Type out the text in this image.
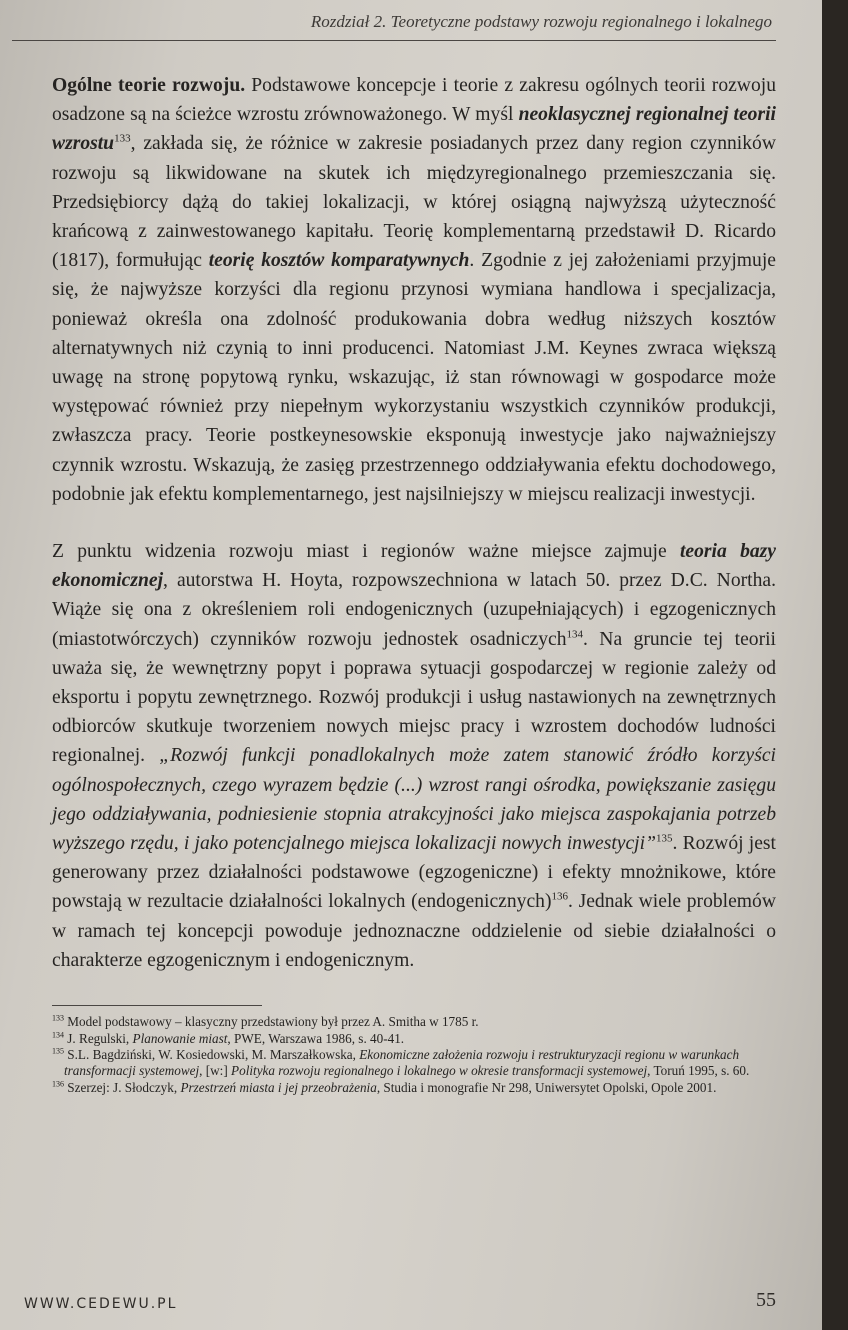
Rozdział 2. Teoretyczne podstawy rozwoju regionalnego i lokalnego

Ogólne teorie rozwoju. Podstawowe koncepcje i teorie z zakresu ogólnych teorii rozwoju osadzone są na ścieżce wzrostu zrównoważonego. W myśl neoklasycznej regionalnej teorii wzrostu$^{133}$, zakłada się, że różnice w zakresie posiadanych przez dany region czynników rozwoju są likwidowane na skutek ich międzyregionalnego przemieszczania się. Przedsiębiorcy dążą do takiej lokalizacji, w której osiągną najwyższą użyteczność krańcową z zainwestowanego kapitału. Teorię komplementarną przedstawił D. Ricardo (1817), formułując teorię kosztów komparatywnych. Zgodnie z jej założeniami przyjmuje się, że najwyższe korzyści dla regionu przynosi wymiana handlowa i specjalizacja, ponieważ określa ona zdolność produkowania dobra według niższych kosztów alternatywnych niż czynią to inni producenci. Natomiast J.M. Keynes zwraca większą uwagę na stronę popytową rynku, wskazując, iż stan równowagi w gospodarce może występować również przy niepełnym wykorzystaniu wszystkich czynników produkcji, zwłaszcza pracy. Teorie postkeynesowskie eksponują inwestycje jako najważniejszy czynnik wzrostu. Wskazują, że zasięg przestrzennego oddziaływania efektu dochodowego, podobnie jak efektu komplementarnego, jest najsilniejszy w miejscu realizacji inwestycji.

Z punktu widzenia rozwoju miast i regionów ważne miejsce zajmuje teoria bazy ekonomicznej, autorstwa H. Hoyta, rozpowszechniona w latach 50. przez D.C. Northa. Wiąże się ona z określeniem roli endogenicznych (uzupełniających) i egzogenicznych (miastotwórczych) czynników rozwoju jednostek osadniczych$^{134}$. Na gruncie tej teorii uważa się, że wewnętrzny popyt i poprawa sytuacji gospodarczej w regionie zależy od eksportu i popytu zewnętrznego. Rozwój produkcji i usług nastawionych na zewnętrznych odbiorców skutkuje tworzeniem nowych miejsc pracy i wzrostem dochodów ludności regionalnej. „Rozwój funkcji ponadlokalnych może zatem stanowić źródło korzyści ogólnospołecznych, czego wyrazem będzie (...) wzrost rangi ośrodka, powiększanie zasięgu jego oddziaływania, podniesienie stopnia atrakcyjności jako miejsca zaspokajania potrzeb wyższego rzędu, i jako potencjalnego miejsca lokalizacji nowych inwestycji”$^{135}$. Rozwój jest generowany przez działalności podstawowe (egzogeniczne) i efekty mnożnikowe, które powstają w rezultacie działalności lokalnych (endogenicznych)$^{136}$. Jednak wiele problemów w ramach tej koncepcji powoduje jednoznaczne oddzielenie od siebie działalności o charakterze egzogenicznym i endogenicznym.

$^{133}$ Model podstawowy – klasyczny przedstawiony był przez A. Smitha w 1785 r.
$^{134}$ J. Regulski, Planowanie miast, PWE, Warszawa 1986, s. 40-41.
$^{135}$ S.L. Bagdziński, W. Kosiedowski, M. Marszałkowska, Ekonomiczne założenia rozwoju i restrukturyzacji regionu w warunkach transformacji systemowej, [w:] Polityka rozwoju regionalnego i lokalnego w okresie transformacji systemowej, Toruń 1995, s. 60.
$^{136}$ Szerzej: J. Słodczyk, Przestrzeń miasta i jej przeobrażenia, Studia i monografie Nr 298, Uniwersytet Opolski, Opole 2001.
WWW.CEDEWU.PL	55
